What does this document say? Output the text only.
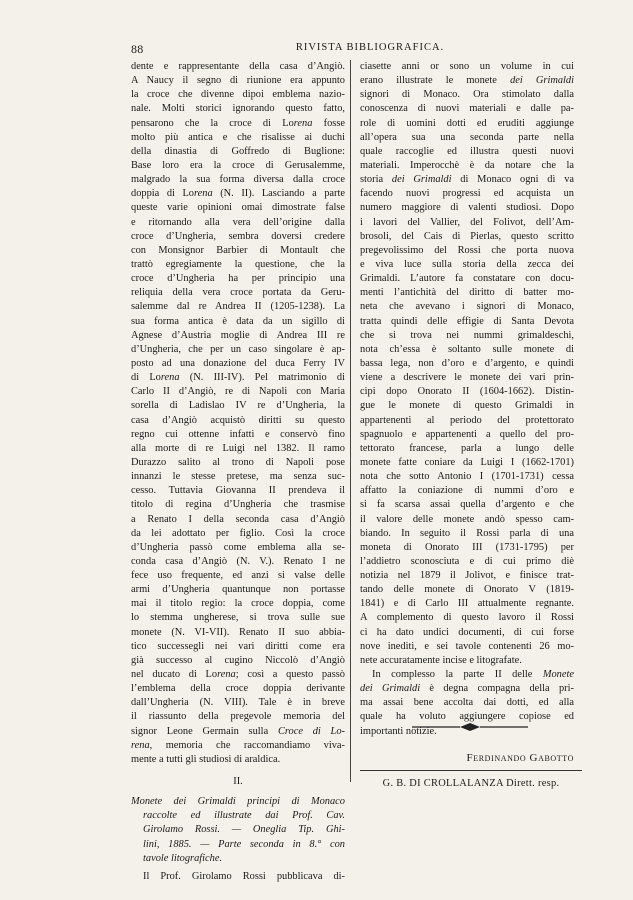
88	RIVISTA BIBLIOGRAFICA.
dente e rappresentante della casa d’Angiò.
A Naucy il segno di riunione era appunto
la croce che divenne dipoi emblema nazio-
nale. Molti storici ignorando questo fatto,
pensarono che la croce di Lorena fosse
molto più antica e che risalisse ai duchi
della dinastia di Goffredo di Buglione:
Base loro era la croce di Gerusalemme,
malgrado la sua forma diversa dalla croce
doppia di Lorena (N. II). Lasciando a parte
queste varie opinioni omai dimostrate false
e ritornando alla vera dell’origine dalla
croce d’Ungheria, sembra doversi credere
con Monsignor Barbier di Montault che
trattò egregiamente la questione, che la
croce d’Ungheria ha per principio una
reliquia della vera croce portata da Geru-
salemme dal re Andrea II (1205-1238). La
sua forma antica è data da un sigillo di
Agnese d’Austria moglie di Andrea III re
d’Ungheria, che per un caso singolare è ap-
posto ad una donazione del duca Ferry IV
di Lorena (N. III-IV). Pel matrimonio di
Carlo II d’Angiò, re di Napoli con Maria
sorella di Ladislao IV re d’Ungheria, la
casa d’Angiò acquistò diritti su questo
regno cui ottenne infatti e conservò fino
alla morte di re Luigi nel 1382. Il ramo
Durazzo salito al trono di Napoli pose
innanzi le stesse pretese, ma senza suc-
cesso. Tuttavia Giovanna II prendeva il
titolo di regina d’Ungheria che trasmise
a Renato I della seconda casa d’Angiò
da lei adottato per figlio. Così la croce
d’Ungheria passò come emblema alla se-
conda casa d’Angiò (N. V.). Renato I ne
fece uso frequente, ed anzi si valse delle
armi d’Ungheria quantunque non portasse
mai il titolo regio: la croce doppia, come
lo stemma ungherese, si trova sulle sue
monete (N. VI-VII). Renato II suo abbia-
tico successegli nei vari diritti come era
già successo al cugino Niccolò d’Angiò
nel ducato di Lorena; così a questo passò
l’emblema della croce doppia derivante
dall’Ungheria (N. VIII). Tale è in breve
il riassunto della pregevole memoria del
signor Leone Germain sulla Croce di Lo-
rena, memoria che raccomandiamo viva-
mente a tutti gli studiosi di araldica.
II.
Monete dei Grimaldi principi di Monaco
raccolte ed illustrate dai Prof. Cav.
Girolamo Rossi. — Oneglia Tip. Ghi-
lini, 1885. — Parte seconda in 8.° con
tavole litografiche.
Il Prof. Girolamo Rossi pubblicava di-
ciasette anni or sono un volume in cui
erano illustrate le monete dei Grimaldi
signori di Monaco. Ora stimolato dalla
conoscenza di nuovi materiali e dalle pa-
role di uomini dotti ed eruditi aggiunge
all’opera sua una seconda parte nella
quale raccoglie ed illustra questi nuovi
materiali. Imperocchè è da notare che la
storia dei Grimaldi di Monaco ogni dì va
facendo nuovi progressi ed acquista un
numero maggiore di valenti studiosi. Dopo
i lavori del Vallier, del Folivot, dell’Am-
brosoli, del Cais di Pierlas, questo scritto
pregevolissimo del Rossi che porta nuova
e viva luce sulla storia della zecca dei
Grimaldi. L’autore fa constatare con docu-
menti l’antichità del diritto di batter mo-
neta che avevano i signori di Monaco,
tratta quindi delle effigie di Santa Devota
che si trova nei nummi grimaldeschi,
nota ch’essa è soltanto sulle monete di
bassa lega, non d’oro e d’argento, e quindi
viene a descrivere le monete dei vari prin-
cipi dopo Onorato II (1604-1662). Distin-
gue le monete di questo Grimaldi in
appartenenti al periodo del protettorato
spagnuolo e appartenenti a quello del pro-
tettorato francese, parla a lungo delle
monete fatte coniare da Luigi I (1662-1701)
nota che sotto Antonio I (1701-1731) cessa
affatto la coniazione di nummi d’oro e
si fa scarsa assai quella d’argento e che
il valore delle monete andò spesso cam-
biando. In seguito il Rossi parla di una
moneta di Onorato III (1731-1795) per
l’addietro sconosciuta e di cui primo diè
notizia nel 1879 il Jolivot, e finisce trat-
tando delle monete di Onorato V (1819-
1841) e di Carlo III attualmente regnante.
A complemento di questo lavoro il Rossi
ci ha dato undici documenti, di cui forse
nove inediti, e sei tavole contenenti 26 mo-
nete accuratamente incise e litografate.
In complesso la parte II delle Monete
dei Grimaldi è degna compagna della pri-
ma assai bene accolta dai dotti, ed alla
quale ha voluto aggiungere copiose ed
importanti notizie.
Ferdinando Gabotto
G. B. DI CROLLALANZA Dirett. resp.
